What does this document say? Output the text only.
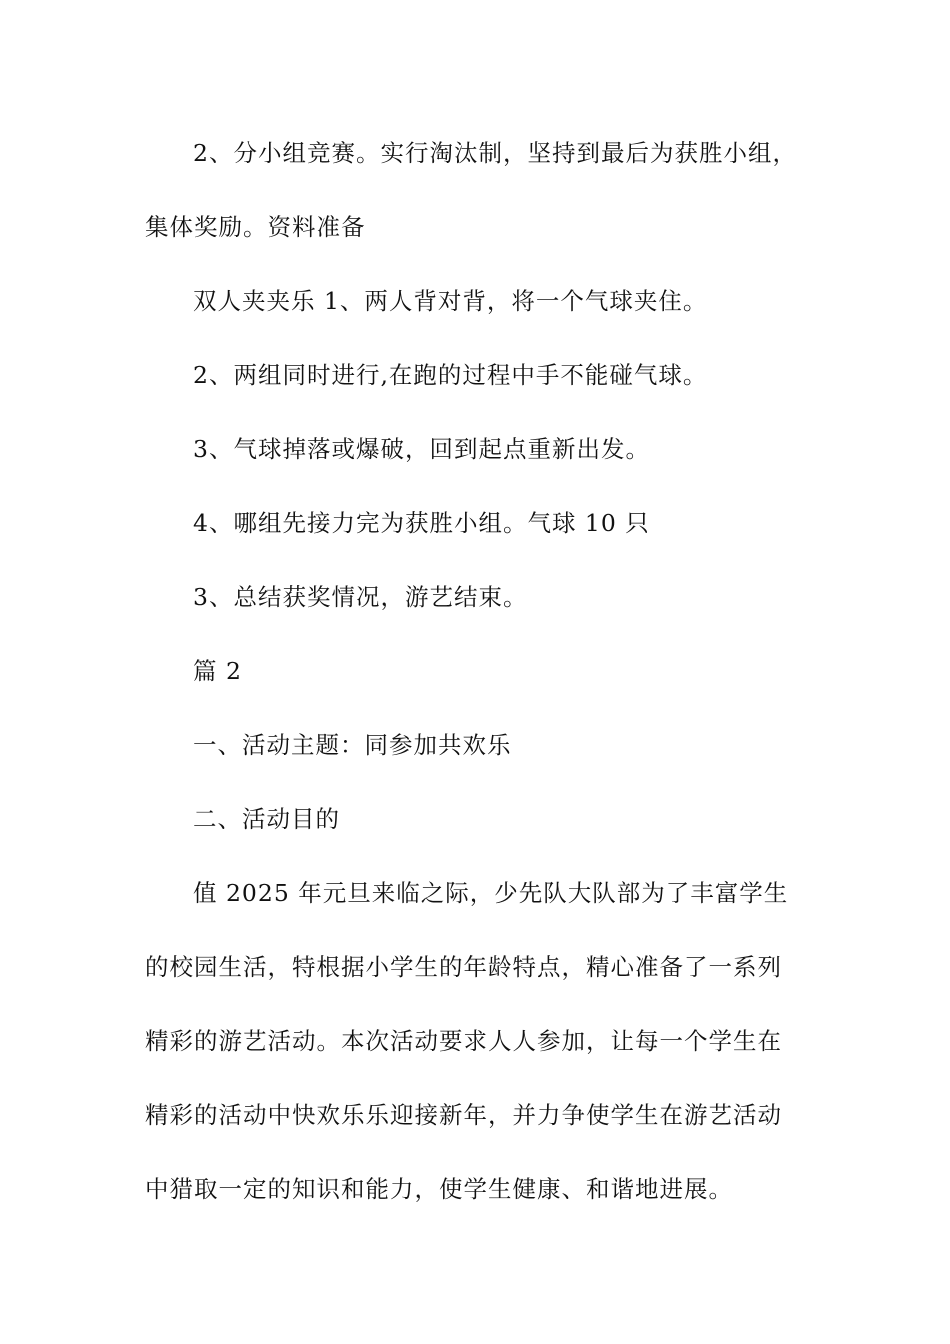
2、分小组竞赛。实行淘汰制，坚持到最后为获胜小组，集体奖励。资料准备

双人夹夹乐 1、两人背对背，将一个气球夹住。

2、两组同时进行,在跑的过程中手不能碰气球。

3、气球掉落或爆破，回到起点重新出发。

4、哪组先接力完为获胜小组。气球 10 只

3、总结获奖情况，游艺结束。

篇 2

一、活动主题：同参加共欢乐

二、活动目的

值 2025 年元旦来临之际，少先队大队部为了丰富学生的校园生活，特根据小学生的年龄特点，精心准备了一系列精彩的游艺活动。本次活动要求人人参加，让每一个学生在精彩的活动中快欢乐乐迎接新年，并力争使学生在游艺活动中猎取一定的知识和能力，使学生健康、和谐地进展。
